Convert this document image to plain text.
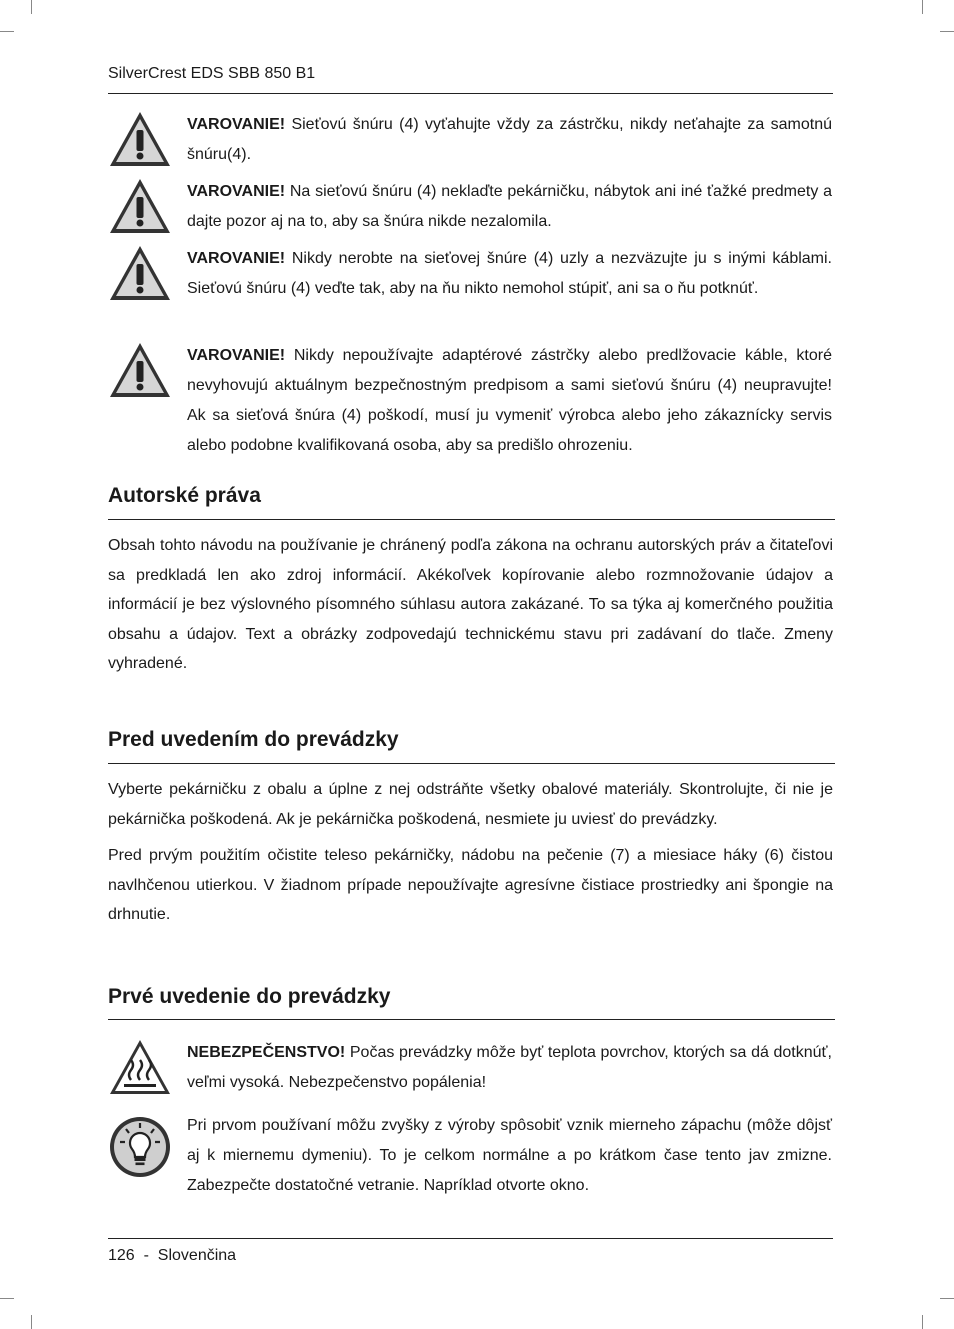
SilverCrest EDS SBB 850 B1
VAROVANIE! Sieťovú šnúru (4) vyťahujte vždy za zástrčku, nikdy neťahajte za samotnú šnúru(4).
VAROVANIE! Na sieťovú šnúru (4) neklaďte pekárničku, nábytok ani iné ťažké predmety a dajte pozor aj na to, aby sa šnúra nikde nezalomila.
VAROVANIE! Nikdy nerobte na sieťovej šnúre (4) uzly a nezväzujte ju s inými káblami. Sieťovú šnúru (4) veďte tak, aby na ňu nikto nemohol stúpiť, ani sa o ňu potknúť.
VAROVANIE! Nikdy nepoužívajte adaptérové zástrčky alebo predlžovacie káble, ktoré nevyhovujú aktuálnym bezpečnostným predpisom a sami sieťovú šnúru (4) neupravujte! Ak sa sieťová šnúra (4) poškodí, musí ju vymeniť výrobca alebo jeho zákaznícky servis alebo podobne kvalifikovaná osoba, aby sa predišlo ohrozeniu.
Autorské práva

Obsah tohto návodu na používanie je chránený podľa zákona na ochranu autorských práv a čitateľovi sa predkladá len ako zdroj informácií. Akékoľvek kopírovanie alebo rozmnožovanie údajov a informácií je bez výslovného písomného súhlasu autora zakázané. To sa týka aj komerčného použitia obsahu a údajov. Text a obrázky zodpovedajú technickému stavu pri zadávaní do tlače. Zmeny vyhradené.

Pred uvedením do prevádzky

Vyberte pekárničku z obalu a úplne z nej odstráňte všetky obalové materiály. Skontrolujte, či nie je pekárnička poškodená. Ak je pekárnička poškodená, nesmiete ju uviesť do prevádzky.

Pred prvým použitím očistite teleso pekárničky, nádobu na pečenie (7) a miesiace háky (6) čistou navlhčenou utierkou. V žiadnom prípade nepoužívajte agresívne čistiace prostriedky ani špongie na drhnutie.

Prvé uvedenie do prevádzky
NEBEZPEČENSTVO! Počas prevádzky môže byť teplota povrchov, ktorých sa dá dotknúť, veľmi vysoká. Nebezpečenstvo popálenia!
Pri prvom používaní môžu zvyšky z výroby spôsobiť vznik mierneho zápachu (môže dôjsť aj k miernemu dymeniu). To je celkom normálne a po krátkom čase tento jav zmizne. Zabezpečte dostatočné vetranie. Napríklad otvorte okno.
126  -  Slovenčina
